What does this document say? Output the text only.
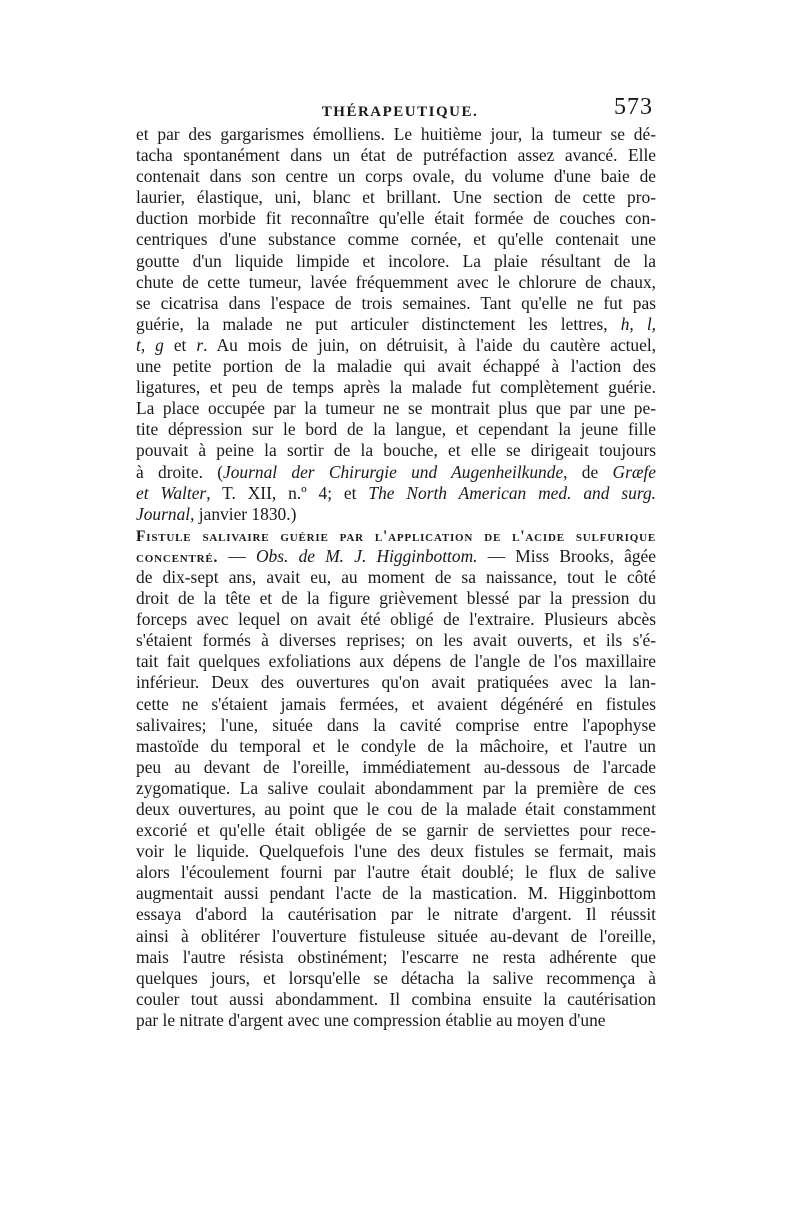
THÉRAPEUTIQUE.	573
et par des gargarismes émolliens. Le huitième jour, la tumeur se dé-
tacha spontanément dans un état de putréfaction assez avancé. Elle
contenait dans son centre un corps ovale, du volume d'une baie de
laurier, élastique, uni, blanc et brillant. Une section de cette pro-
duction morbide fit reconnaître qu'elle était formée de couches con-
centriques d'une substance comme cornée, et qu'elle contenait une
goutte d'un liquide limpide et incolore. La plaie résultant de la
chute de cette tumeur, lavée fréquemment avec le chlorure de chaux,
se cicatrisa dans l'espace de trois semaines. Tant qu'elle ne fut pas
guérie, la malade ne put articuler distinctement les lettres, h, l,
t, g et r. Au mois de juin, on détruisit, à l'aide du cautère actuel,
une petite portion de la maladie qui avait échappé à l'action des
ligatures, et peu de temps après la malade fut complètement guérie.
La place occupée par la tumeur ne se montrait plus que par une pe-
tite dépression sur le bord de la langue, et cependant la jeune fille
pouvait à peine la sortir de la bouche, et elle se dirigeait toujours
à droite. (Journal der Chirurgie und Augenheilkunde, de Græfe
et Walter, T. XII, n.º 4; et The North American med. and surg.
Journal, janvier 1830.)
Fistule salivaire guérie par l'application de l'acide sulfurique
concentré. — Obs. de M. J. Higginbottom. — Miss Brooks, âgée
de dix-sept ans, avait eu, au moment de sa naissance, tout le côté
droit de la tête et de la figure grièvement blessé par la pression du
forceps avec lequel on avait été obligé de l'extraire. Plusieurs abcès
s'étaient formés à diverses reprises; on les avait ouverts, et ils s'é-
tait fait quelques exfoliations aux dépens de l'angle de l'os maxillaire
inférieur. Deux des ouvertures qu'on avait pratiquées avec la lan-
cette ne s'étaient jamais fermées, et avaient dégénéré en fistules
salivaires; l'une, située dans la cavité comprise entre l'apophyse
mastoïde du temporal et le condyle de la mâchoire, et l'autre un
peu au devant de l'oreille, immédiatement au-dessous de l'arcade
zygomatique. La salive coulait abondamment par la première de ces
deux ouvertures, au point que le cou de la malade était constamment
excorié et qu'elle était obligée de se garnir de serviettes pour rece-
voir le liquide. Quelquefois l'une des deux fistules se fermait, mais
alors l'écoulement fourni par l'autre était doublé; le flux de salive
augmentait aussi pendant l'acte de la mastication. M. Higginbottom
essaya d'abord la cautérisation par le nitrate d'argent. Il réussit
ainsi à oblitérer l'ouverture fistuleuse située au-devant de l'oreille,
mais l'autre résista obstinément; l'escarre ne resta adhérente que
quelques jours, et lorsqu'elle se détacha la salive recommença à
couler tout aussi abondamment. Il combina ensuite la cautérisation
par le nitrate d'argent avec une compression établie au moyen d'une
